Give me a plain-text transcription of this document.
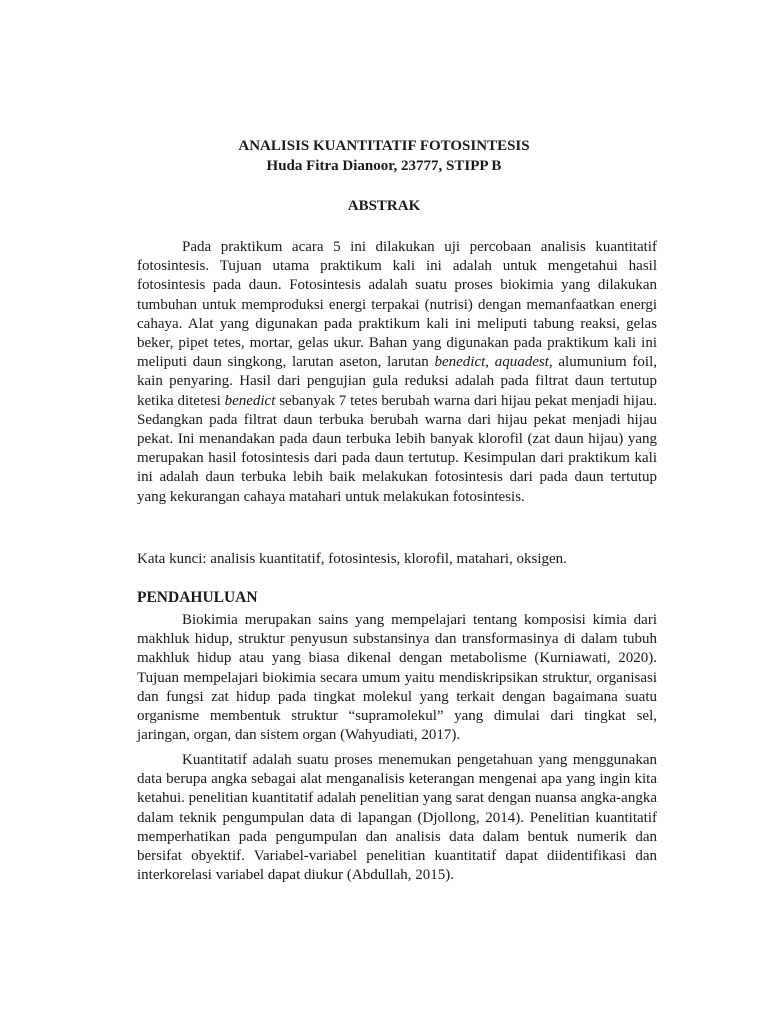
ANALISIS KUANTITATIF FOTOSINTESIS
Huda Fitra Dianoor, 23777, STIPP B
ABSTRAK

Pada praktikum acara 5 ini dilakukan uji percobaan analisis kuantitatif fotosintesis. Tujuan utama praktikum kali ini adalah untuk mengetahui hasil fotosintesis pada daun. Fotosintesis adalah suatu proses biokimia yang dilakukan tumbuhan untuk memproduksi energi terpakai (nutrisi) dengan memanfaatkan energi cahaya. Alat yang digunakan pada praktikum kali ini meliputi tabung reaksi, gelas beker, pipet tetes, mortar, gelas ukur. Bahan yang digunakan pada praktikum kali ini meliputi daun singkong, larutan aseton, larutan benedict, aquadest, alumunium foil, kain penyaring. Hasil dari pengujian gula reduksi adalah pada filtrat daun tertutup ketika ditetesi benedict sebanyak 7 tetes berubah warna dari hijau pekat menjadi hijau. Sedangkan pada filtrat daun terbuka berubah warna dari hijau pekat menjadi hijau pekat. Ini menandakan pada daun terbuka lebih banyak klorofil (zat daun hijau) yang merupakan hasil fotosintesis dari pada daun tertutup. Kesimpulan dari praktikum kali ini adalah daun terbuka lebih baik melakukan fotosintesis dari pada daun tertutup yang kekurangan cahaya matahari untuk melakukan fotosintesis.

Kata kunci: analisis kuantitatif, fotosintesis, klorofil, matahari, oksigen.

PENDAHULUAN

Biokimia merupakan sains yang mempelajari tentang komposisi kimia dari makhluk hidup, struktur penyusun substansinya dan transformasinya di dalam tubuh makhluk hidup atau yang biasa dikenal dengan metabolisme (Kurniawati, 2020). Tujuan mempelajari biokimia secara umum yaitu mendiskripsikan struktur, organisasi dan fungsi zat hidup pada tingkat molekul yang terkait dengan bagaimana suatu organisme membentuk struktur “supramolekul” yang dimulai dari tingkat sel, jaringan, organ, dan sistem organ (Wahyudiati, 2017).

Kuantitatif adalah suatu proses menemukan pengetahuan yang menggunakan data berupa angka sebagai alat menganalisis keterangan mengenai apa yang ingin kita ketahui. penelitian kuantitatif adalah penelitian yang sarat dengan nuansa angka-angka dalam teknik pengumpulan data di lapangan (Djollong, 2014). Penelitian kuantitatif memperhatikan pada pengumpulan dan analisis data dalam bentuk numerik dan bersifat obyektif. Variabel-variabel penelitian kuantitatif dapat diidentifikasi dan interkorelasi variabel dapat diukur (Abdullah, 2015).
